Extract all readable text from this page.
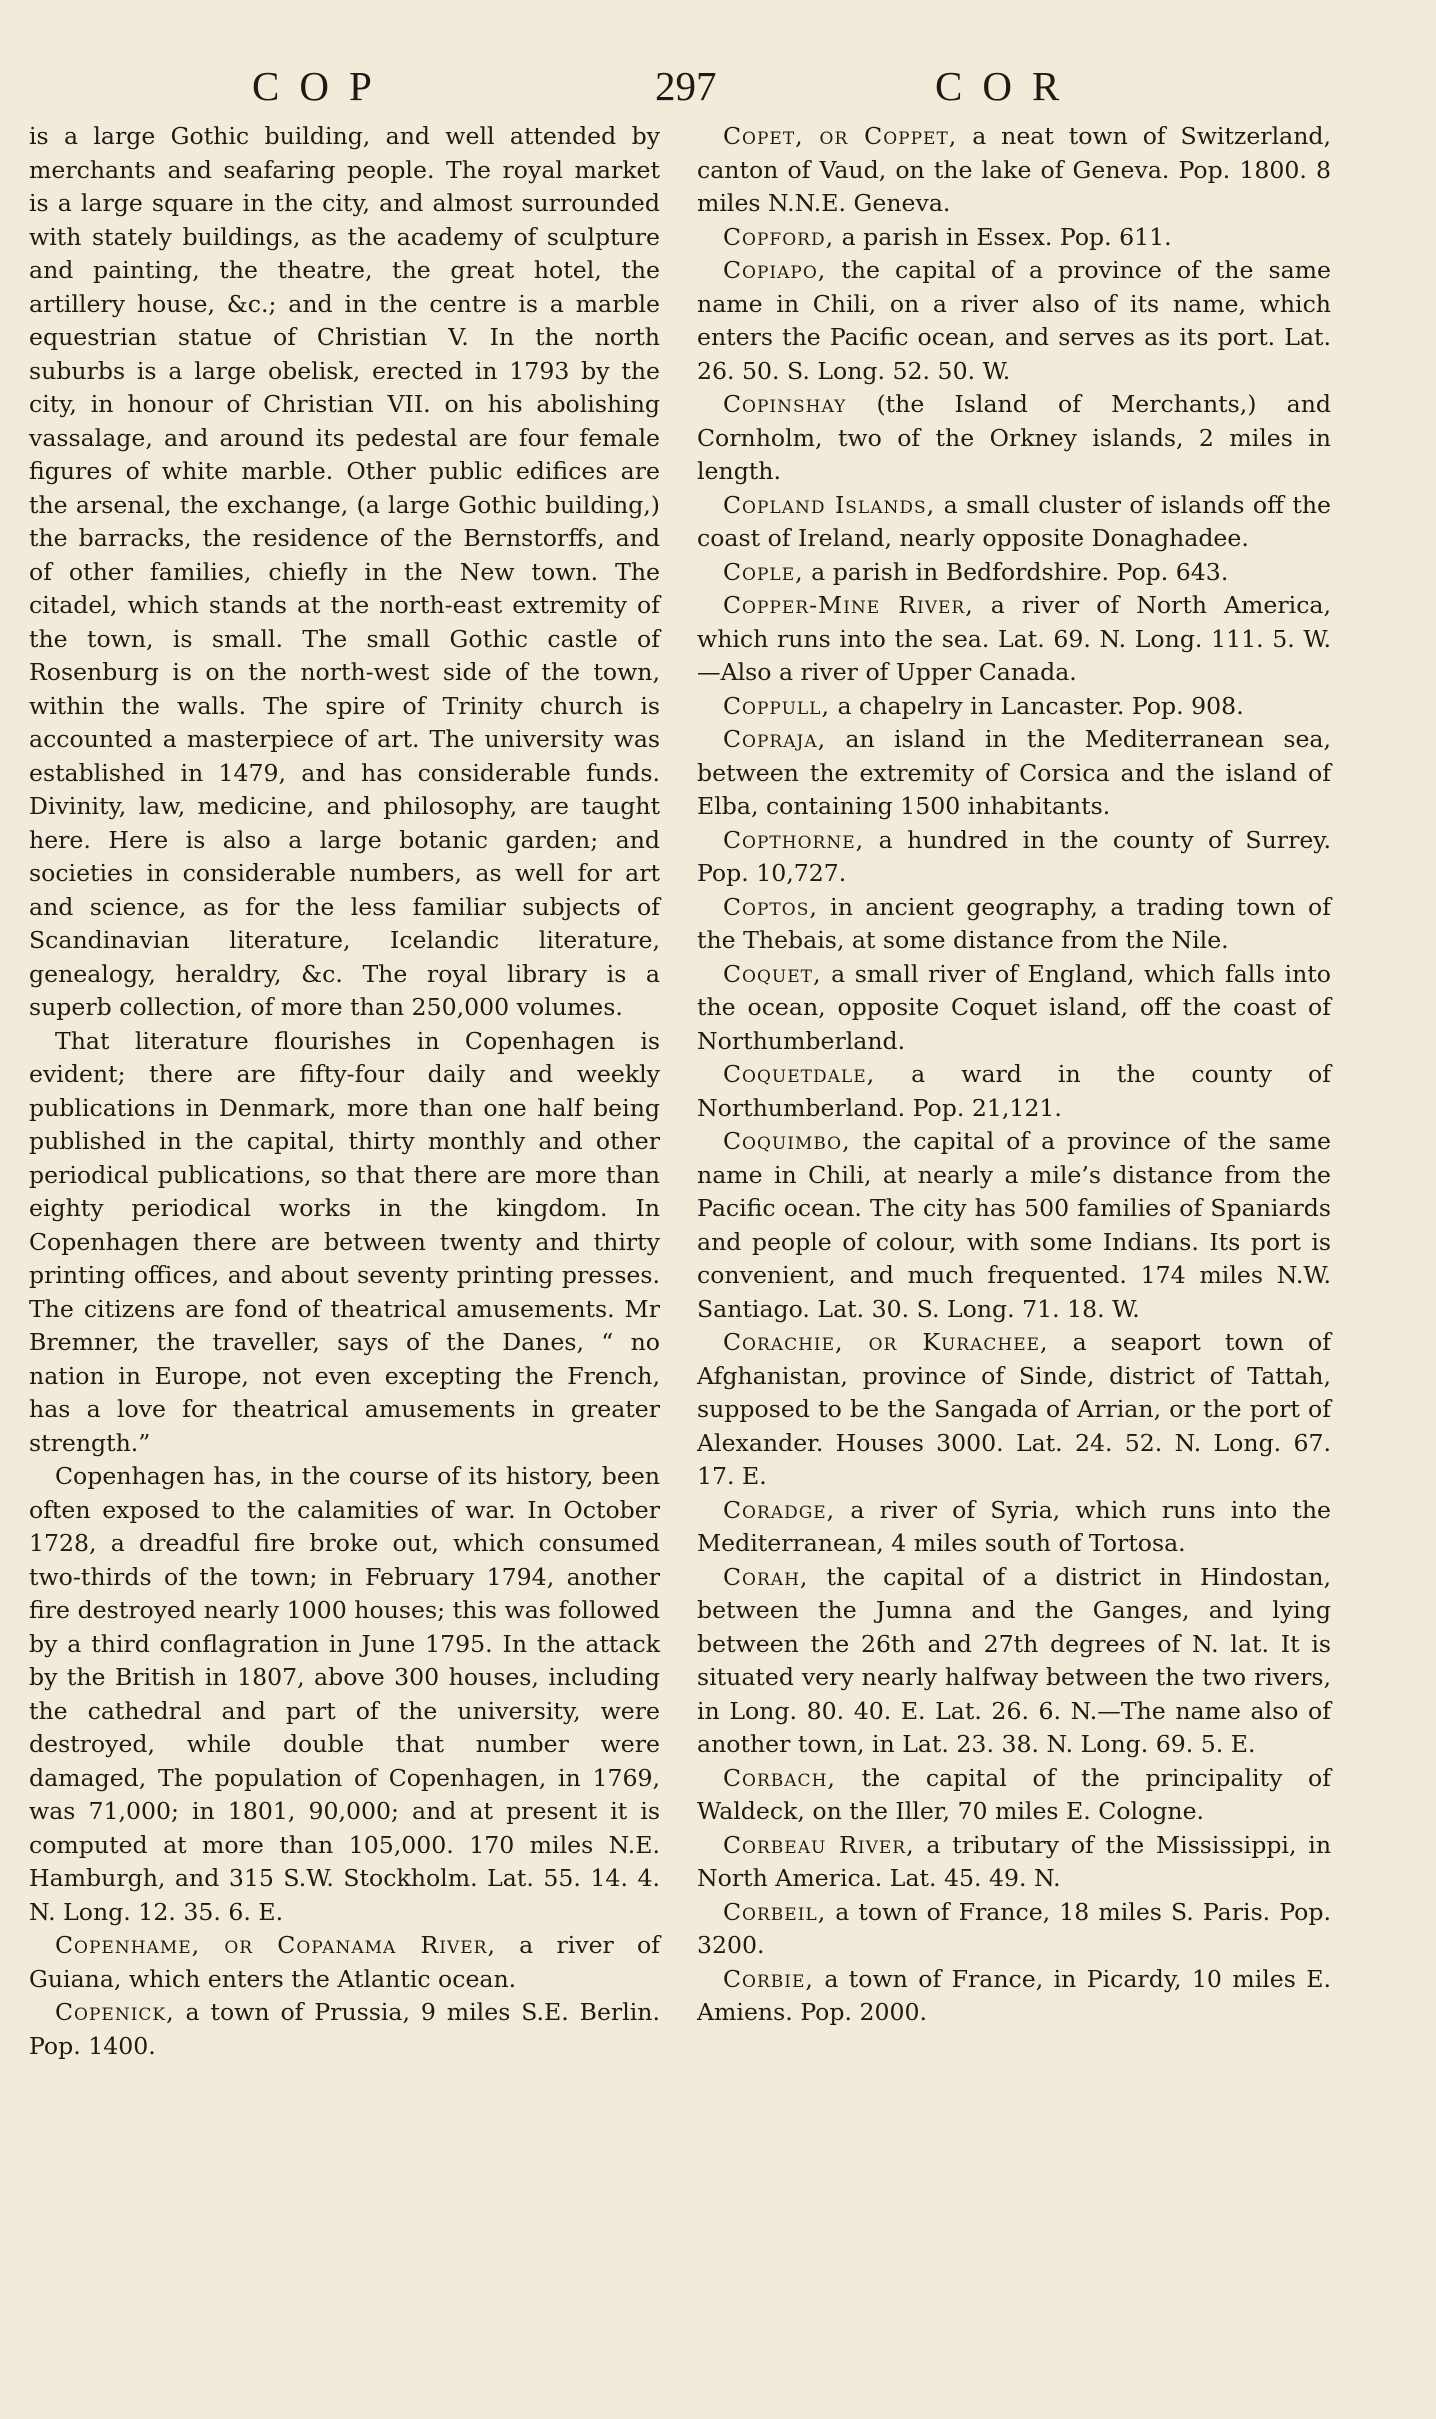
COP	297	COR

is a large Gothic building, and well attended by merchants and seafaring people. The royal market is a large square in the city, and almost surrounded with stately buildings, as the academy of sculpture and painting, the theatre, the great hotel, the artillery house, &c.; and in the centre is a marble equestrian statue of Christian V. In the north suburbs is a large obelisk, erected in 1793 by the city, in honour of Christian VII. on his abolishing vassalage, and around its pedestal are four female figures of white marble. Other public edifices are the arsenal, the exchange, (a large Gothic building,) the barracks, the residence of the Bernstorffs, and of other families, chiefly in the New town. The citadel, which stands at the north-east extremity of the town, is small. The small Gothic castle of Rosenburg is on the north-west side of the town, within the walls. The spire of Trinity church is accounted a masterpiece of art. The university was established in 1479, and has considerable funds. Divinity, law, medicine, and philosophy, are taught here. Here is also a large botanic garden; and societies in considerable numbers, as well for art and science, as for the less familiar subjects of Scandinavian literature, Icelandic literature, genealogy, heraldry, &c. The royal library is a superb collection, of more than 250,000 volumes.

That literature flourishes in Copenhagen is evident; there are fifty-four daily and weekly publications in Denmark, more than one half being published in the capital, thirty monthly and other periodical publications, so that there are more than eighty periodical works in the kingdom. In Copenhagen there are between twenty and thirty printing offices, and about seventy printing presses. The citizens are fond of theatrical amusements. Mr Bremner, the traveller, says of the Danes, “ no nation in Europe, not even excepting the French, has a love for theatrical amusements in greater strength.”

Copenhagen has, in the course of its history, been often exposed to the calamities of war. In October 1728, a dreadful fire broke out, which consumed two-thirds of the town; in February 1794, another fire destroyed nearly 1000 houses; this was followed by a third conflagration in June 1795. In the attack by the British in 1807, above 300 houses, including the cathedral and part of the university, were destroyed, while double that number were damaged, The population of Copenhagen, in 1769, was 71,000; in 1801, 90,000; and at present it is computed at more than 105,000. 170 miles N.E. Hamburgh, and 315 S.W. Stockholm. Lat. 55. 14. 4. N. Long. 12. 35. 6. E.

Copenhame, or Copanama River, a river of Guiana, which enters the Atlantic ocean.

Copenick, a town of Prussia, 9 miles S.E. Berlin. Pop. 1400.

Copet, or Coppet, a neat town of Switzerland, canton of Vaud, on the lake of Geneva. Pop. 1800. 8 miles N.N.E. Geneva.

Copford, a parish in Essex. Pop. 611.

Copiapo, the capital of a province of the same name in Chili, on a river also of its name, which enters the Pacific ocean, and serves as its port. Lat. 26. 50. S. Long. 52. 50. W.

Copinshay (the Island of Merchants,) and Cornholm, two of the Orkney islands, 2 miles in length.

Copland Islands, a small cluster of islands off the coast of Ireland, nearly opposite Donaghadee.

Cople, a parish in Bedfordshire. Pop. 643.

Copper-Mine River, a river of North America, which runs into the sea. Lat. 69. N. Long. 111. 5. W.—Also a river of Upper Canada.

Coppull, a chapelry in Lancaster. Pop. 908.

Copraja, an island in the Mediterranean sea, between the extremity of Corsica and the island of Elba, containing 1500 inhabitants.

Copthorne, a hundred in the county of Surrey. Pop. 10,727.

Coptos, in ancient geography, a trading town of the Thebais, at some distance from the Nile.

Coquet, a small river of England, which falls into the ocean, opposite Coquet island, off the coast of Northumberland.

Coquetdale, a ward in the county of Northumberland. Pop. 21,121.

Coquimbo, the capital of a province of the same name in Chili, at nearly a mile’s distance from the Pacific ocean. The city has 500 families of Spaniards and people of colour, with some Indians. Its port is convenient, and much frequented. 174 miles N.W. Santiago. Lat. 30. S. Long. 71. 18. W.

Corachie, or Kurachee, a seaport town of Afghanistan, province of Sinde, district of Tattah, supposed to be the Sangada of Arrian, or the port of Alexander. Houses 3000. Lat. 24. 52. N. Long. 67. 17. E.

Coradge, a river of Syria, which runs into the Mediterranean, 4 miles south of Tortosa.

Corah, the capital of a district in Hindostan, between the Jumna and the Ganges, and lying between the 26th and 27th degrees of N. lat. It is situated very nearly halfway between the two rivers, in Long. 80. 40. E. Lat. 26. 6. N.—The name also of another town, in Lat. 23. 38. N. Long. 69. 5. E.

Corbach, the capital of the principality of Waldeck, on the Iller, 70 miles E. Cologne.

Corbeau River, a tributary of the Mississippi, in North America. Lat. 45. 49. N.

Corbeil, a town of France, 18 miles S. Paris. Pop. 3200.

Corbie, a town of France, in Picardy, 10 miles E. Amiens. Pop. 2000.
